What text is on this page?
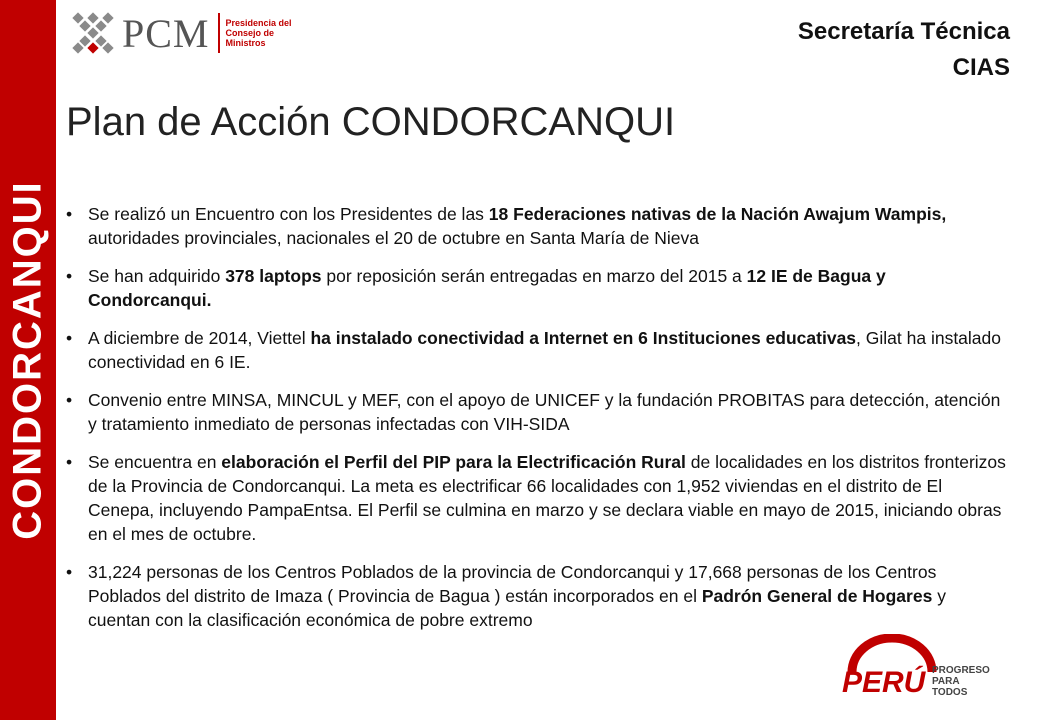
CONDORCANQUI
PCM Presidencia del Consejo de Ministros	Secretaría Técnica
CIAS
Plan de Acción CONDORCANQUI
• Se realizó un Encuentro con los Presidentes de las 18 Federaciones nativas de la Nación Awajum Wampis, autoridades provinciales, nacionales el 20 de octubre en Santa María de Nieva
• Se han adquirido 378 laptops por reposición serán entregadas en marzo del 2015 a 12 IE de Bagua y Condorcanqui.
• A diciembre de 2014, Viettel ha instalado conectividad a Internet en 6 Instituciones educativas, Gilat ha instalado conectividad en 6 IE.
• Convenio entre MINSA, MINCUL y MEF, con el apoyo de UNICEF y la fundación PROBITAS para detección, atención y tratamiento inmediato de personas infectadas con VIH-SIDA
• Se encuentra en elaboración el Perfil del PIP para la Electrificación Rural de localidades en los distritos fronterizos de la Provincia de Condorcanqui. La meta es electrificar 66 localidades con 1,952 viviendas en el distrito de El Cenepa, incluyendo PampaEntsa. El Perfil se culmina en marzo y se declara viable en mayo de 2015, iniciando obras en el mes de octubre.
• 31,224 personas de los Centros Poblados de la provincia de Condorcanqui y 17,668 personas de los Centros Poblados del distrito de Imaza ( Provincia de Bagua ) están incorporados en el Padrón General de Hogares y cuentan con la clasificación económica de pobre extremo
PERÚ PROGRESO
PARA TODOS
